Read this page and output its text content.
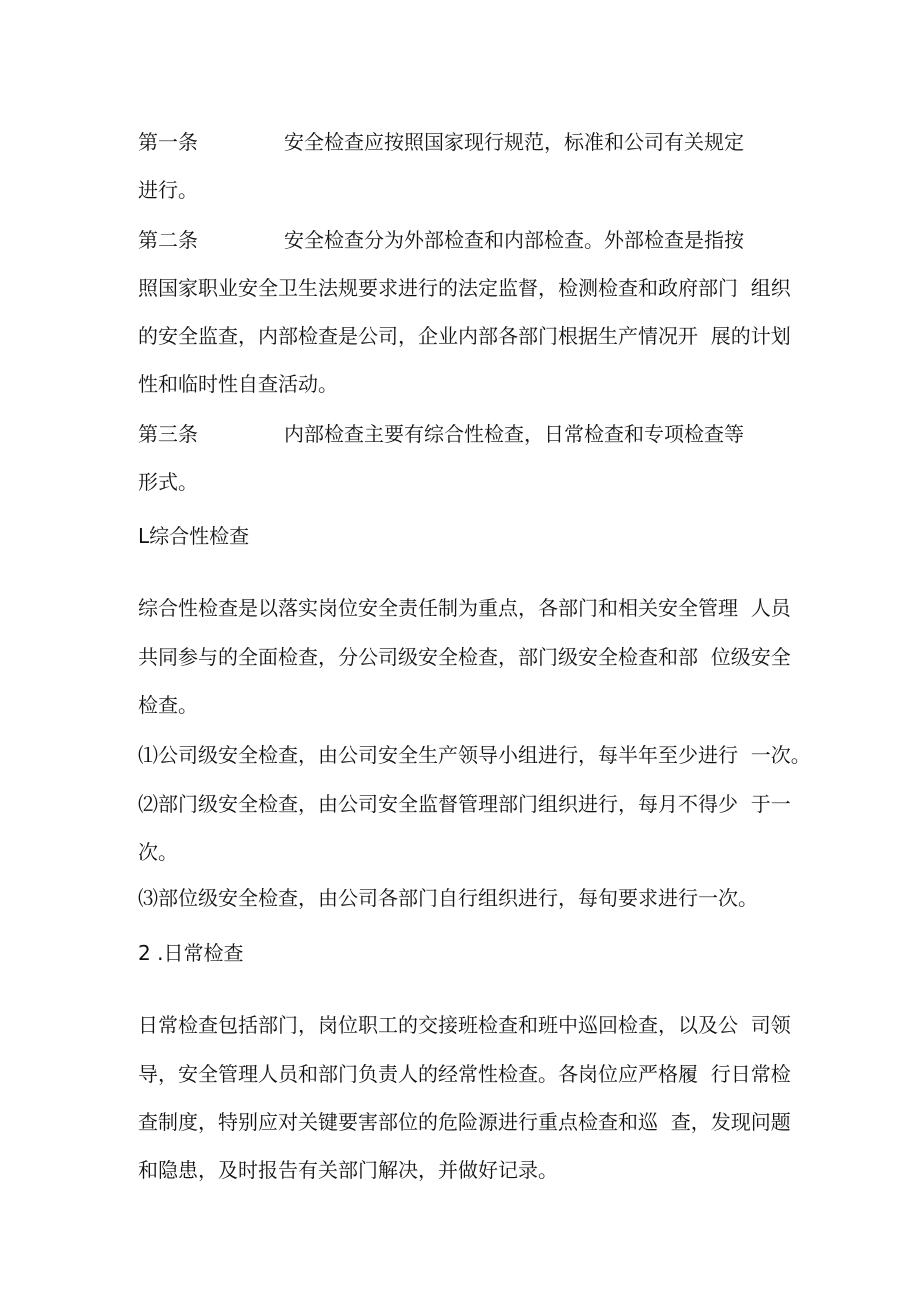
第一条	安全检查应按照国家现行规范，标准和公司有关规定
进行。
第二条	安全检查分为外部检查和内部检查。外部检查是指按
照国家职业安全卫生法规要求进行的法定监督，检测检查和政府部门  组织
的安全监查，内部检查是公司，企业内部各部门根据生产情况开  展的计划
性和临时性自查活动。
第三条	内部检查主要有综合性检查，日常检查和专项检查等
形式。
L综合性检查
综合性检查是以落实岗位安全责任制为重点，各部门和相关安全管理  人员
共同参与的全面检查，分公司级安全检查，部门级安全检查和部  位级安全
检查。
⑴公司级安全检查，由公司安全生产领导小组进行，每半年至少进行  一次。
⑵部门级安全检查，由公司安全监督管理部门组织进行，每月不得少  于一
次。
⑶部位级安全检查，由公司各部门自行组织进行，每旬要求进行一次。
2 .日常检查
日常检查包括部门，岗位职工的交接班检查和班中巡回检查，以及公  司领
导，安全管理人员和部门负责人的经常性检查。各岗位应严格履  行日常检
查制度，特别应对关键要害部位的危险源进行重点检查和巡  查，发现问题
和隐患，及时报告有关部门解决，并做好记录。
